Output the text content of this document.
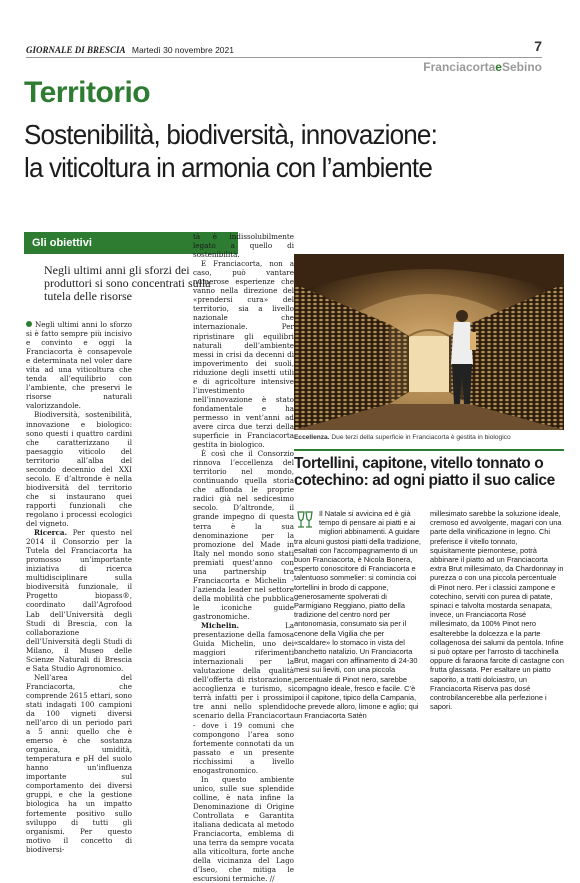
GIORNALE DI BRESCIA Martedì 30 novembre 2021	7
FranciacortaeSebino
Territorio
Sostenibilità, biodiversità, innovazione:
la viticoltura in armonia con l’ambiente
Gli obiettivi
Negli ultimi anni gli sforzi dei produttori si sono concentrati sulla tutela delle risorse

Negli ultimi anni lo sforzo si è fatto sempre più incisivo e convinto e oggi la Franciacorta è consapevole e determinata nel voler dare vita ad una viticoltura che tenda all’equilibrio con l’ambiente, che preservi le risorse naturali valorizzandole.

Biodiversità, sostenibilità, innovazione e biologico: sono questi i quattro cardini che caratterizzano il paesaggio viticolo del territorio all’alba del secondo decennio del XXI secolo. E d’altronde è nella biodiversità del territorio che si instaurano quei rapporti funzionali che regolano i processi ecologici del vigneto.

Ricerca. Per questo nel 2014 il Consorzio per la Tutela del Franciacorta ha promosso un’importante iniziativa di ricerca multidisciplinare sulla biodiversità funzionale, il Progetto biopass®, coordinato dall’Agrofood Lab dell’Università degli Studi di Brescia, con la collaborazione dell’Università degli Studi di Milano, il Museo delle Scienze Naturali di Brescia e Sata Studio Agronomico.

Nell’area del Franciacorta, che comprende 2615 ettari, sono stati indagati 100 campioni da 100 vigneti diversi nell’arco di un periodo pari a 5 anni: quello che è emerso è che sostanza organica, umidità, temperatura e pH del suolo hanno un’influenza importante sul comportamento dei diversi gruppi, e che la gestione biologica ha un impatto fortemente positivo sullo sviluppo di tutti gli organismi. Per questo motivo il concetto di biodiversi-

tà è indissolubilmente legato a quello di sostenibilità.

E Franciacorta, non a caso, può vantare numerose esperienze che vanno nella direzione del «prendersi cura» del territorio, sia a livello nazionale che internazionale. Per ripristinare gli equilibri naturali dell’ambiente messi in crisi da decenni di impoverimento dei suoli, riduzione degli insetti utili e di agricolture intensive l’investimento nell’innovazione è stato fondamentale e ha permesso in vent’anni ad avere circa due terzi della superficie in Franciacorta gestita in biologico.

È così che il Consorzio rinnova l’eccellenza del territorio nel mondo, continuando quella storia che affonda le proprie radici già nel sedicesimo secolo. D’altronde, il grande impegno di questa terra è la sua denominazione per la promozione del Made in Italy nel mondo sono stati premiati quest’anno con una partnership tra Franciacorta e Michelin - l’azienda leader nel settore della mobilità che pubblica le iconiche guide gastronomiche.

Michelin.	La presentazione della famosa Guida Michelin, uno dei maggiori riferimenti internazionali per la valutazione della qualità dell’offerta di ristorazione, accoglienza e turismo, si terrà infatti per i prossimi tre anni nello splendido scenario della Franciacorta - dove i 19 comuni che compongono l’area sono fortemente connotati da un passato e un presente ricchissimi a livello enogastronomico.

In questo ambiente unico, sulle sue splendide colline, è nata infine la Denominazione di Origine Controllata e Garantita italiana dedicata al metodo Franciacorta, emblema di una terra da sempre vocata alla viticoltura, forte anche della vicinanza del Lago d’Iseo, che mitiga le escursioni termiche. //

Eccellenza. Due terzi della superficie in Franciacorta è gestita in biologico
Tortellini, capitone, vitello tonnato o cotechino: ad ogni piatto il suo calice

Il Natale si avvicina ed è già tempo di pensare ai piatti e ai migliori abbinamenti. A guidare tra alcuni gustosi piatti della tradizione, esaltati con l’accompagnamento di un buon Franciacorta, è Nicola Bonera, esperto conoscitore di Franciacorta e talentuoso sommelier: si comincia coi tortellini in brodo di cappone, generosamente spolverati di Parmigiano Reggiano, piatto della tradizione del centro nord per antonomasia, consumato sia per il cenone della Vigilia che per «scaldare» lo stomaco in vista del banchetto natalizio. Un Franciacorta Brut, magari con affinamento di 24-30 mesi sui lieviti, con una piccola percentuale di Pinot nero, sarebbe compagno ideale, fresco e facile. C’è poi il capitone, tipico della Campania, che prevede alloro, limone e aglio; qui un Franciacorta Satèn

millesimato sarebbe la soluzione ideale, cremoso ed avvolgente, magari con una parte della vinificazione in legno. Chi preferisce il vitello tonnato, squisitamente piemontese, potrà abbinare il piatto ad un Franciacorta extra Brut millesimato, da Chardonnay in purezza o con una piccola percentuale di Pinot nero. Per i classici zampone e cotechino, serviti con purea di patate, spinaci e talvolta mostarda senapata, invece, un Franciacorta Rosé millesimato, da 100% Pinot nero esalterebbe la dolcezza e la parte collagenosa dei salumi da pentola. Infine si può optare per l’arrosto di tacchinella oppure di faraona farcite di castagne con frutta glassata. Per esaltare un piatto saporito, a tratti dolciastro, un Franciacorta Riserva pas dosé controbilancerebbe alla perfezione i sapori.
